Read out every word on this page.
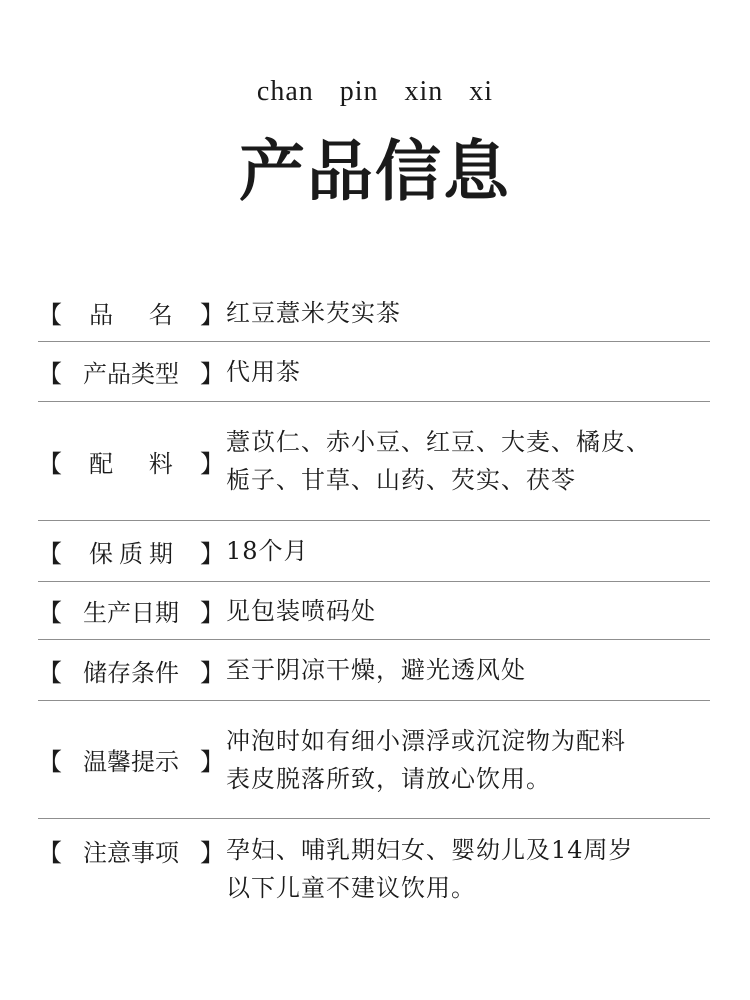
chan pin xin xi
产品信息
【	品 名 】 红豆薏米芡实茶
【 产品类型 】 代用茶
【	配 料 】
薏苡仁、赤小豆、红豆、大麦、橘皮、
栀子、甘草、山药、芡实、茯苓
【	保质期 】 18个月
【 生产日期 】 见包装喷码处
【 储存条件 】 至于阴凉干燥，避光透风处
【 温馨提示 】
冲泡时如有细小漂浮或沉淀物为配料
表皮脱落所致，请放心饮用。
【 注意事项 】 孕妇、哺乳期妇女、婴幼儿及14周岁
以下儿童不建议饮用。
